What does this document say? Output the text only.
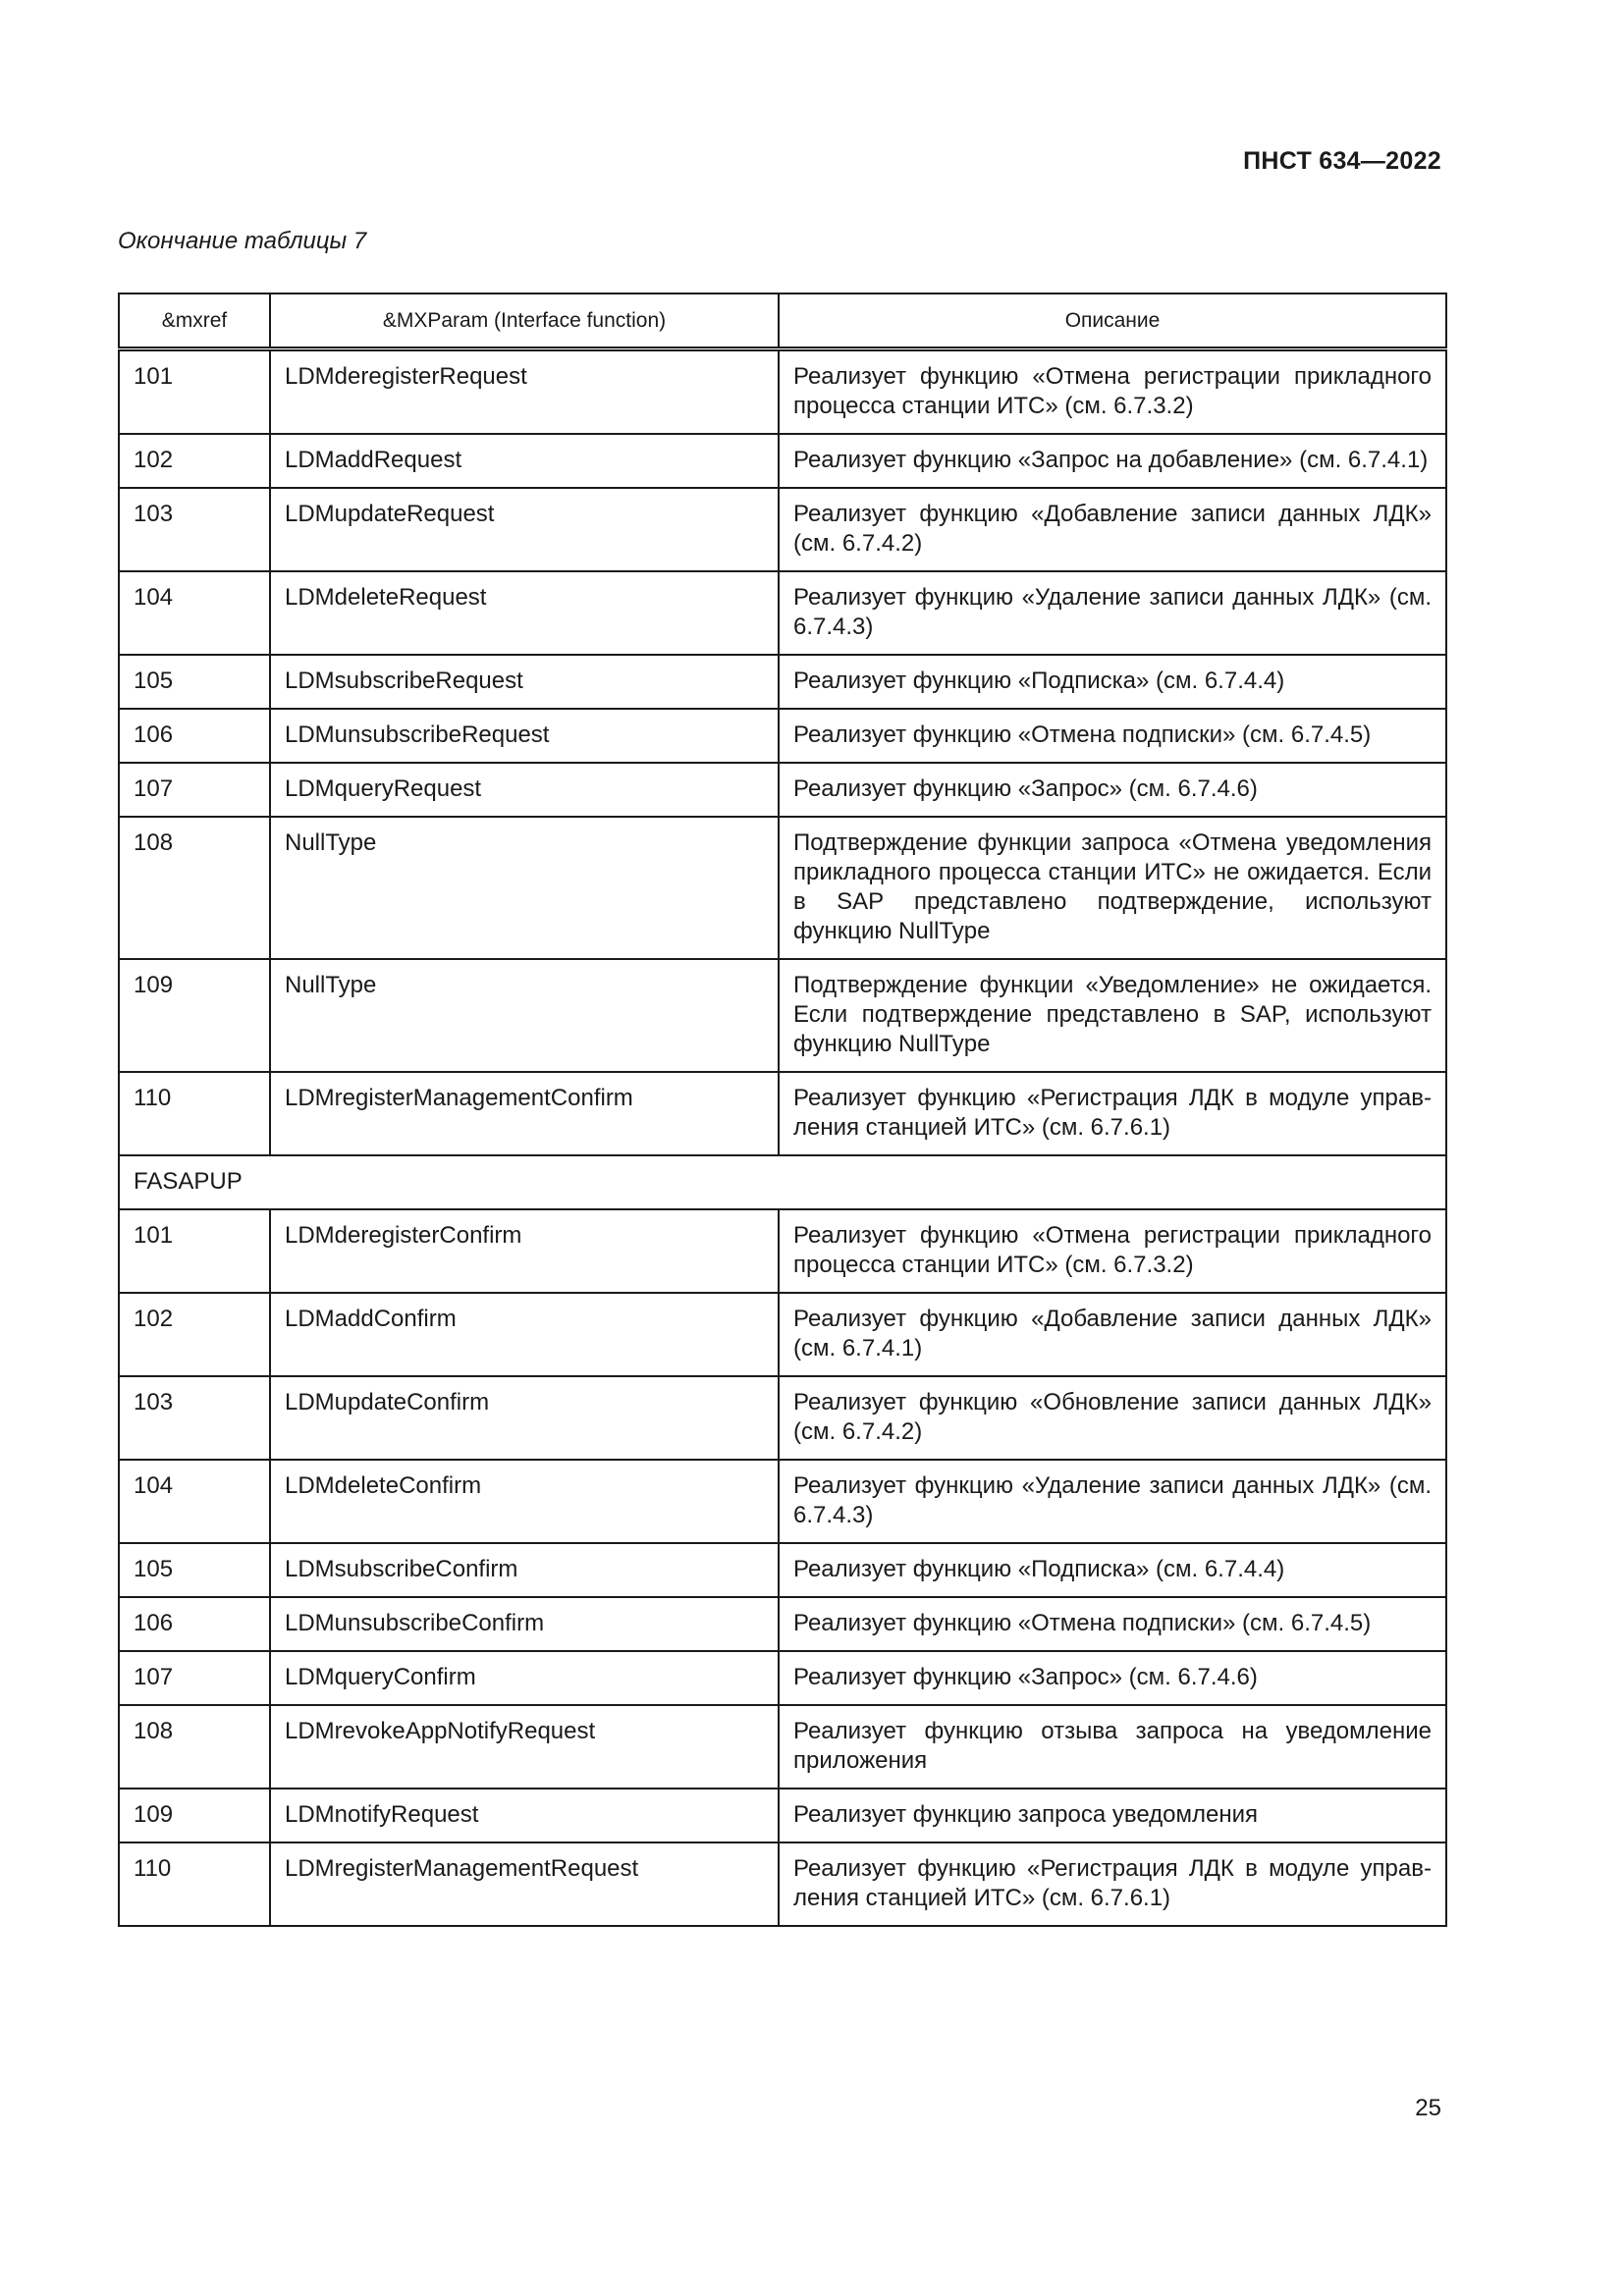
ПНСТ 634—2022
Окончание таблицы 7
&mxref	&MXParam (Interface function)	Описание
101	LDMderegisterRequest	Реализует функцию «Отмена регистрации прикладного процесса станции ИТС» (см. 6.7.3.2)
102	LDMaddRequest	Реализует функцию «Запрос на добавление» (см. 6.7.4.1)
103	LDMupdateRequest	Реализует функцию «Добавление записи данных ЛДК» (см. 6.7.4.2)
104	LDMdeleteRequest	Реализует функцию «Удаление записи данных ЛДК» (см. 6.7.4.3)
105	LDMsubscribeRequest	Реализует функцию «Подписка» (см. 6.7.4.4)
106	LDMunsubscribeRequest	Реализует функцию «Отмена подписки» (см. 6.7.4.5)
107	LDMqueryRequest	Реализует функцию «Запрос» (см. 6.7.4.6)
108	NullType	Подтверждение функции запроса «Отмена уведомления прикладного процесса станции ИТС» не ожидается. Если в SAP представлено подтверждение, используют функцию NullType
109	NullType	Подтверждение функции «Уведомление» не ожидается. Если подтверждение представлено в SAP, используют функцию NullType
110	LDMregisterManagementConfirm	Реализует функцию «Регистрация ЛДК в модуле управления станцией ИТС» (см. 6.7.6.1)
FASAPUP		
101	LDMderegisterConfirm	Реализует функцию «Отмена регистрации прикладного процесса станции ИТС» (см. 6.7.3.2)
102	LDMaddConfirm	Реализует функцию «Добавление записи данных ЛДК» (см. 6.7.4.1)
103	LDMupdateConfirm	Реализует функцию «Обновление записи данных ЛДК» (см. 6.7.4.2)
104	LDMdeleteConfirm	Реализует функцию «Удаление записи данных ЛДК» (см. 6.7.4.3)
105	LDMsubscribeConfirm	Реализует функцию «Подписка» (см. 6.7.4.4)
106	LDMunsubscribeConfirm	Реализует функцию «Отмена подписки» (см. 6.7.4.5)
107	LDMqueryConfirm	Реализует функцию «Запрос» (см. 6.7.4.6)
108	LDMrevokeAppNotifyRequest	Реализует функцию отзыва запроса на уведомление приложения
109	LDMnotifyRequest	Реализует функцию запроса уведомления
110	LDMregisterManagementRequest	Реализует функцию «Регистрация ЛДК в модуле управления станцией ИТС» (см. 6.7.6.1)
25
